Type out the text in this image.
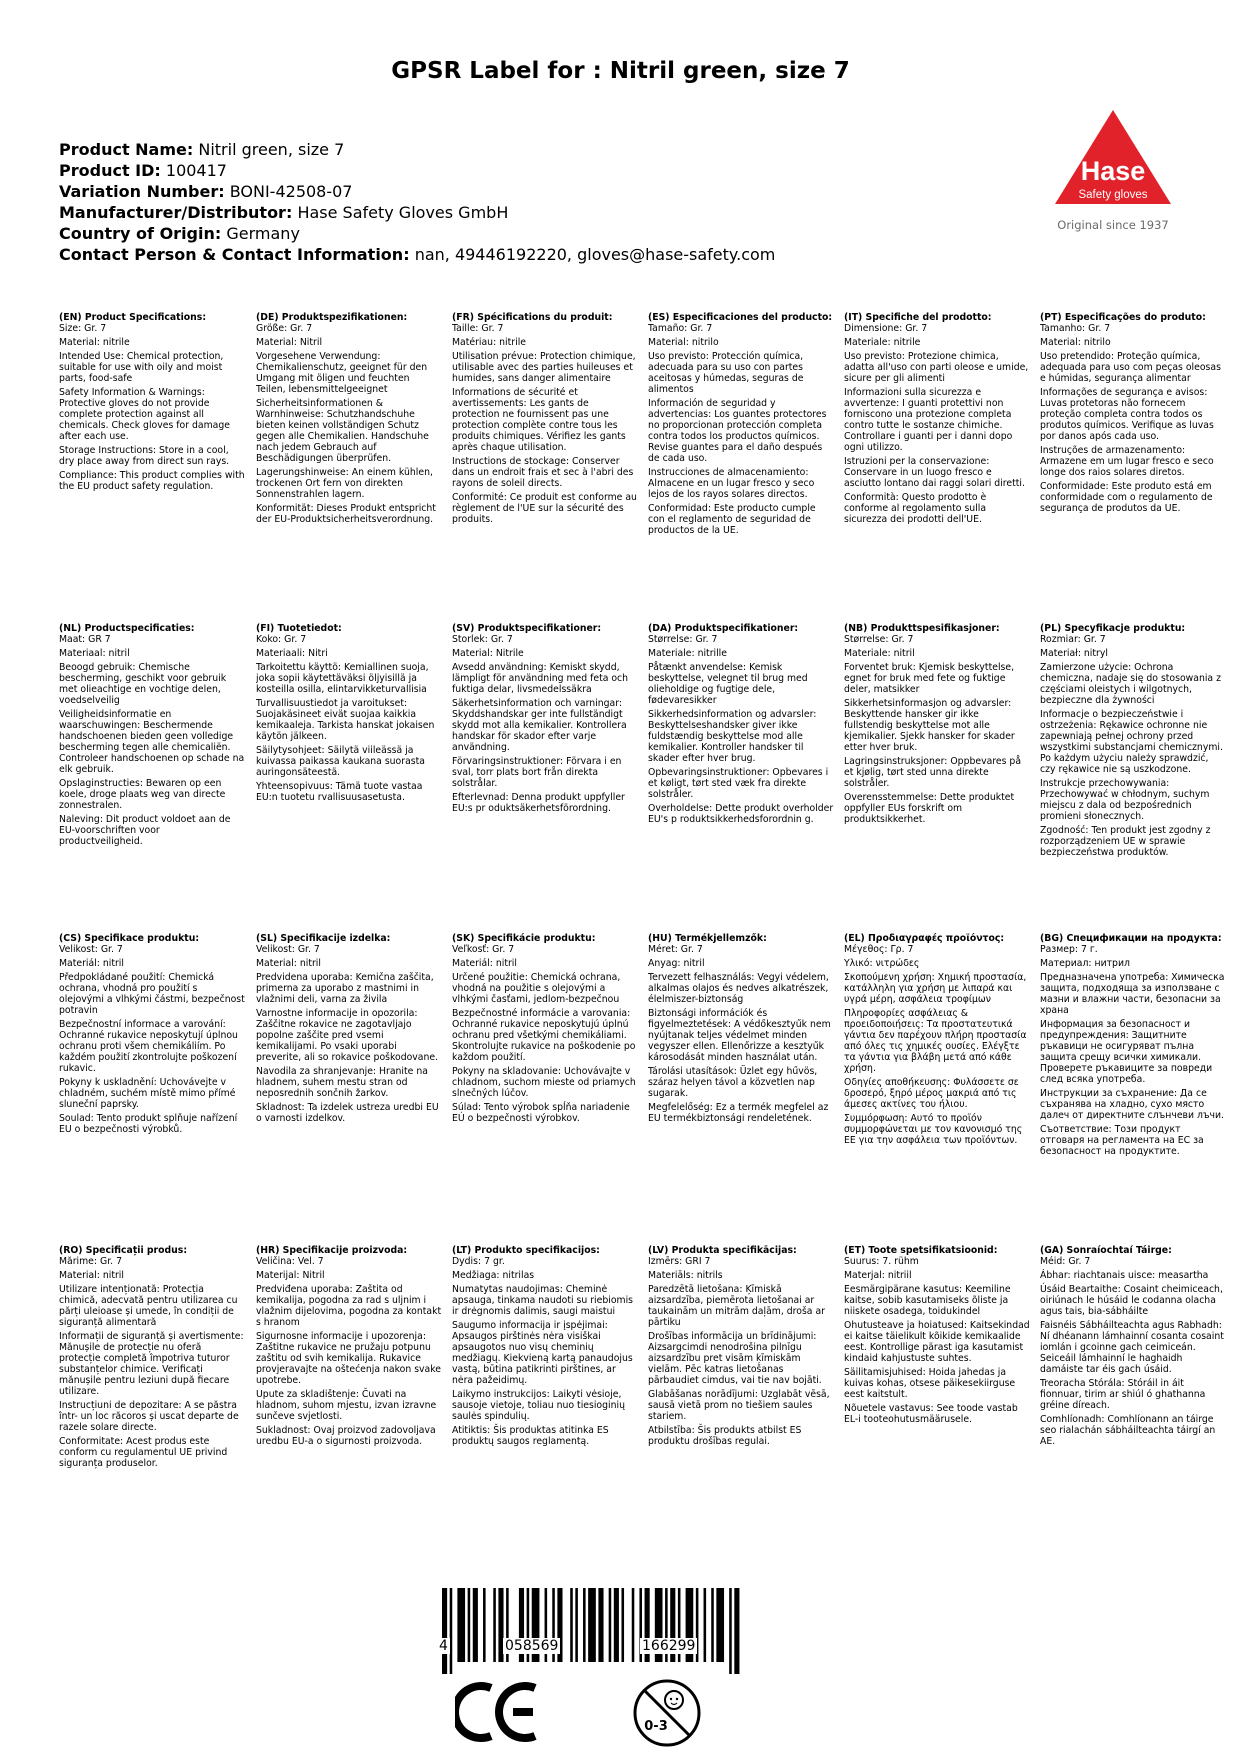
GPSR Label for : Nitril green, size 7
Product Name: Nitril green, size 7
Product ID: 100417
Variation Number: BONI-42508-07
Manufacturer/Distributor: Hase Safety Gloves GmbH
Country of Origin: Germany
Contact Person & Contact Information: nan, 49446192220, gloves@hase-safety.com
Hase
Safety gloves
Original since 1937
(EN) Product Specifications:
Size: Gr. 7
Material: nitrile
Intended Use: Chemical protection, suitable for use with oily and moist parts, food-safe
Safety Information & Warnings: Protective gloves do not provide complete protection against all chemicals. Check gloves for damage after each use.
Storage Instructions: Store in a cool, dry place away from direct sun rays.
Compliance: This product complies with the EU product safety regulation.
(DE) Produktspezifikationen:
Größe: Gr. 7
Material: Nitril
Vorgesehene Verwendung: Chemikalienschutz, geeignet für den Umgang mit öligen und feuchten Teilen, lebensmittelgeeignet
Sicherheitsinformationen & Warnhinweise: Schutzhandschuhe bieten keinen vollständigen Schutz gegen alle Chemikalien. Handschuhe nach jedem Gebrauch auf Beschädigungen überprüfen.
Lagerungshinweise: An einem kühlen, trockenen Ort fern von direkten Sonnenstrahlen lagern.
Konformität: Dieses Produkt entspricht der EU-Produktsicherheitsverordnung.
(FR) Spécifications du produit:
Taille: Gr. 7
Matériau: nitrile
Utilisation prévue: Protection chimique, utilisable avec des parties huileuses et humides, sans danger alimentaire
Informations de sécurité et avertissements: Les gants de protection ne fournissent pas une protection complète contre tous les produits chimiques. Vérifiez les gants après chaque utilisation.
Instructions de stockage: Conserver dans un endroit frais et sec à l'abri des rayons de soleil directs.
Conformité: Ce produit est conforme au règlement de l'UE sur la sécurité des produits.
(ES) Especificaciones del producto:
Tamaño: Gr. 7
Material: nitrilo
Uso previsto: Protección química, adecuada para su uso con partes aceitosas y húmedas, seguras de alimentos
Información de seguridad y advertencias: Los guantes protectores no proporcionan protección completa contra todos los productos químicos. Revise guantes para el daño después de cada uso.
Instrucciones de almacenamiento: Almacene en un lugar fresco y seco lejos de los rayos solares directos.
Conformidad: Este producto cumple con el reglamento de seguridad de productos de la UE.
(IT) Specifiche del prodotto:
Dimensione: Gr. 7
Materiale: nitrile
Uso previsto: Protezione chimica, adatta all'uso con parti oleose e umide, sicure per gli alimenti
Informazioni sulla sicurezza e avvertenze: I guanti protettivi non forniscono una protezione completa contro tutte le sostanze chimiche. Controllare i guanti per i danni dopo ogni utilizzo.
Istruzioni per la conservazione: Conservare in un luogo fresco e asciutto lontano dai raggi solari diretti.
Conformità: Questo prodotto è conforme al regolamento sulla sicurezza dei prodotti dell'UE.
(PT) Especificações do produto:
Tamanho: Gr. 7
Material: nitrilo
Uso pretendido: Proteção química, adequada para uso com peças oleosas e húmidas, segurança alimentar
Informações de segurança e avisos: Luvas protetoras não fornecem proteção completa contra todos os produtos químicos. Verifique as luvas por danos após cada uso.
Instruções de armazenamento: Armazene em um lugar fresco e seco longe dos raios solares diretos.
Conformidade: Este produto está em conformidade com o regulamento de segurança de produtos da UE.
(NL) Productspecificaties:
Maat: GR 7
Materiaal: nitril
Beoogd gebruik: Chemische bescherming, geschikt voor gebruik met olieachtige en vochtige delen, voedselveilig
Veiligheidsinformatie en waarschuwingen: Beschermende handschoenen bieden geen volledige bescherming tegen alle chemicaliën. Controleer handschoenen op schade na elk gebruik.
Opslaginstructies: Bewaren op een koele, droge plaats weg van directe zonnestralen.
Naleving: Dit product voldoet aan de EU-voorschriften voor productveiligheid.
(FI) Tuotetiedot:
Koko: Gr. 7
Materiaali: Nitri
Tarkoitettu käyttö: Kemiallinen suoja, joka sopii käytettäväksi öljyisillä ja kosteilla osilla, elintarvikketurvallisia
Turvallisuustiedot ja varoitukset: Suojakäsineet eivät suojaa kaikkia kemikaaleja. Tarkista hanskat jokaisen käytön jälkeen.
Säilytysohjeet: Säilytä viileässä ja kuivassa paikassa kaukana suorasta auringonsäteestä.
Yhteensopivuus: Tämä tuote vastaa EU:n tuotetu rvallisuusasetusta.
(SV) Produktspecifikationer:
Storlek: Gr. 7
Material: Nitrile
Avsedd användning: Kemiskt skydd, lämpligt för användning med feta och fuktiga delar, livsmedelssäkra
Säkerhetsinformation och varningar: Skyddshandskar ger inte fullständigt skydd mot alla kemikalier. Kontrollera handskar för skador efter varje användning.
Förvaringsinstruktioner: Förvara i en sval, torr plats bort från direkta solstrålar.
Efterlevnad: Denna produkt uppfyller EU:s pr oduktsäkerhetsförordning.
(DA) Produktspecifikationer:
Størrelse: Gr. 7
Materiale: nitrille
Påtænkt anvendelse: Kemisk beskyttelse, velegnet til brug med olieholdige og fugtige dele, fødevaresikker
Sikkerhedsinformation og advarsler: Beskyttelseshandsker giver ikke fuldstændig beskyttelse mod alle kemikalier. Kontroller handsker til skader efter hver brug.
Opbevaringsinstruktioner: Opbevares i et køligt, tørt sted væk fra direkte solstråler.
Overholdelse: Dette produkt overholder EU's p roduktsikkerhedsforordnin g.
(NB) Produkttspesifikasjoner:
Størrelse: Gr. 7
Materiale: nitril
Forventet bruk: Kjemisk beskyttelse, egnet for bruk med fete og fuktige deler, matsikker
Sikkerhetsinformasjon og advarsler: Beskyttende hansker gir ikke fullstendig beskyttelse mot alle kjemikalier. Sjekk hansker for skader etter hver bruk.
Lagringsinstruksjoner: Oppbevares på et kjølig, tørt sted unna direkte solstråler.
Overensstemmelse: Dette produktet oppfyller EUs forskrift om produktsikkerhet.
(PL) Specyfikacje produktu:
Rozmiar: Gr. 7
Materiał: nitryl
Zamierzone użycie: Ochrona chemiczna, nadaje się do stosowania z częściami oleistych i wilgotnych, bezpieczne dla żywności
Informacje o bezpieczeństwie i ostrzeżenia: Rękawice ochronne nie zapewniają pełnej ochrony przed wszystkimi substancjami chemicznymi. Po każdym użyciu należy sprawdzić, czy rękawice nie są uszkodzone.
Instrukcje przechowywania: Przechowywać w chłodnym, suchym miejscu z dala od bezpośrednich promieni słonecznych.
Zgodność: Ten produkt jest zgodny z rozporządzeniem UE w sprawie bezpieczeństwa produktów.
(CS) Specifikace produktu:
Velikost: Gr. 7
Materiál: nitril
Předpokládané použití: Chemická ochrana, vhodná pro použití s olejovými a vlhkými částmi, bezpečnost potravin
Bezpečnostní informace a varování: Ochranné rukavice neposkytují úplnou ochranu proti všem chemikáliím. Po každém použití zkontrolujte poškození rukavic.
Pokyny k uskladnění: Uchovávejte v chladném, suchém místě mimo přímé sluneční paprsky.
Soulad: Tento produkt splňuje nařízení EU o bezpečnosti výrobků.
(SL) Specifikacije izdelka:
Velikost: Gr. 7
Material: nitril
Predvidena uporaba: Kemična zaščita, primerna za uporabo z mastnimi in vlažnimi deli, varna za živila
Varnostne informacije in opozorila: Zaščitne rokavice ne zagotavljajo popolne zaščite pred vsemi kemikalijami. Po vsaki uporabi preverite, ali so rokavice poškodovane.
Navodila za shranjevanje: Hranite na hladnem, suhem mestu stran od neposrednih sončnih žarkov.
Skladnost: Ta izdelek ustreza uredbi EU o varnosti izdelkov.
(SK) Špecifikácie produktu:
Veľkosť: Gr. 7
Materiál: nitril
Určené použitie: Chemická ochrana, vhodná na použitie s olejovými a vlhkými časťami, jedlom-bezpečnou
Bezpečnostné informácie a varovania: Ochranné rukavice neposkytujú úplnú ochranu pred všetkými chemikáliami. Skontrolujte rukavice na poškodenie po každom použití.
Pokyny na skladovanie: Uchovávajte v chladnom, suchom mieste od priamych slnečných lúčov.
Súlad: Tento výrobok spĺňa nariadenie EÚ o bezpečnosti výrobkov.
(HU) Termékjellemzők:
Méret: Gr. 7
Anyag: nitril
Tervezett felhasználás: Vegyi védelem, alkalmas olajos és nedves alkatrészek, élelmiszer-biztonság
Biztonsági információk és figyelmeztetések: A védőkesztyűk nem nyújtanak teljes védelmet minden vegyszer ellen. Ellenőrizze a kesztyűk károsodását minden használat után.
Tárolási utasítások: Üzlet egy hűvös, száraz helyen távol a közvetlen nap sugarak.
Megfelelőség: Ez a termék megfelel az EU termékbiztonsági rendeletének.
(EL) Προδιαγραφές προϊόντος:
Μέγεθος: Γρ. 7
Υλικό: νιτρώδες
Σκοπούμενη χρήση: Χημική προστασία, κατάλληλη για χρήση με λιπαρά και υγρά μέρη, ασφάλεια τροφίμων
Πληροφορίες ασφάλειας & προειδοποιήσεις: Τα προστατευτικά γάντια δεν παρέχουν πλήρη προστασία από όλες τις χημικές ουσίες. Ελέγξτε τα γάντια για βλάβη μετά από κάθε χρήση.
Οδηγίες αποθήκευσης: Φυλάσσετε σε δροσερό, ξηρό μέρος μακριά από τις άμεσες ακτίνες του ήλιου.
Συμμόρφωση: Αυτό το προϊόν συμμορφώνεται με τον κανονισμό της ΕΕ για την ασφάλεια των προϊόντων.
(BG) Спецификации на продукта:
Размер: 7 г.
Материал: нитрил
Предназначена употреба: Химическа защита, подходяща за използване с мазни и влажни части, безопасни за храна
Информация за безопасност и предупреждения: Защитните ръкавици не осигуряват пълна защита срещу всички химикали. Проверете ръкавиците за повреди след всяка употреба.
Инструкции за съхранение: Да се съхранява на хладно, сухо място далеч от директните слънчеви лъчи.
Съответствие: Този продукт отговаря на регламента на ЕС за безопасност на продуктите.
(RO) Specificații produs:
Mărime: Gr. 7
Material: nitril
Utilizare intenționată: Protecția chimică, adecvată pentru utilizarea cu părți uleioase și umede, în condiții de siguranță alimentară
Informații de siguranță și avertismente: Mănușile de protecție nu oferă protecție completă împotriva tuturor substanțelor chimice. Verificați mănușile pentru leziuni după fiecare utilizare.
Instrucțiuni de depozitare: A se păstra într- un loc răcoros și uscat departe de razele solare directe.
Conformitate: Acest produs este conform cu regulamentul UE privind siguranța produselor.
(HR) Specifikacije proizvoda:
Veličina: Vel. 7
Materijal: Nitril
Predviđena uporaba: Zaštita od kemikalija, pogodna za rad s uljnim i vlažnim dijelovima, pogodna za kontakt s hranom
Sigurnosne informacije i upozorenja: Zaštitne rukavice ne pružaju potpunu zaštitu od svih kemikalija. Rukavice provjeravajte na oštećenja nakon svake upotrebe.
Upute za skladištenje: Čuvati na hladnom, suhom mjestu, izvan izravne sunčeve svjetlosti.
Sukladnost: Ovaj proizvod zadovoljava uredbu EU-a o sigurnosti proizvoda.
(LT) Produkto specifikacijos:
Dydis: 7 gr.
Medžiaga: nitrilas
Numatytas naudojimas: Cheminė apsauga, tinkama naudoti su riebiomis ir drėgnomis dalimis, saugi maistui
Saugumo informacija ir įspėjimai: Apsaugos pirštinės nėra visiškai apsaugotos nuo visų cheminių medžiagų. Kiekvieną kartą panaudojus vastą, būtina patikrinti pirštines, ar nėra pažeidimų.
Laikymo instrukcijos: Laikyti vėsioje, sausoje vietoje, toliau nuo tiesioginių saulės spindulių.
Atitiktis: Šis produktas atitinka ES produktų saugos reglamentą.
(LV) Produkta specifikācijas:
Izmērs: GRI 7
Materiāls: nitrils
Paredzētā lietošana: Ķīmiskā aizsardzība, piemērota lietošanai ar taukainām un mitrām daļām, droša ar pārtiku
Drošības informācija un brīdinājumi: Aizsargcimdi nenodrošina pilnīgu aizsardzību pret visām ķīmiskām vielām. Pēc katras lietošanas pārbaudiet cimdus, vai tie nav bojāti.
Glabāšanas norādījumi: Uzglabāt vēsā, sausā vietā prom no tiešiem saules stariem.
Atbilstība: Šis produkts atbilst ES produktu drošības regulai.
(ET) Toote spetsifikatsioonid:
Suurus: 7. rühm
Materjal: nitriil
Eesmärgipärane kasutus: Keemiline kaitse, sobib kasutamiseks õliste ja niiskete osadega, toidukindel
Ohutusteave ja hoiatused: Kaitsekindad ei kaitse täielikult kõikide kemikaalide eest. Kontrollige pärast iga kasutamist kindaid kahjustuste suhtes.
Säilitamisjuhised: Hoida jahedas ja kuivas kohas, otsese päikesekiirguse eest kaitstult.
Nõuetele vastavus: See toode vastab EL-i tooteohutusmäärusele.
(GA) Sonraíochtaí Táirge:
Méid: Gr. 7
Ábhar: riachtanais uisce: measartha
Úsáid Beartaithe: Cosaint cheimiceach, oiriúnach le húsáid le codanna olacha agus tais, bia-sábháilte
Faisnéis Sábháilteachta agus Rabhadh: Ní dhéanann lámhainní cosanta cosaint iomlán i gcoinne gach ceimiceán. Seiceáil lámhainní le haghaidh damáiste tar éis gach úsáid.
Treoracha Stórála: Stóráil in áit fionnuar, tirim ar shiúl ó ghathanna gréine díreach.
Comhlíonadh: Comhlíonann an táirge seo rialachán sábháilteachta táirgí an AE.
4	058569	166299
0-3
